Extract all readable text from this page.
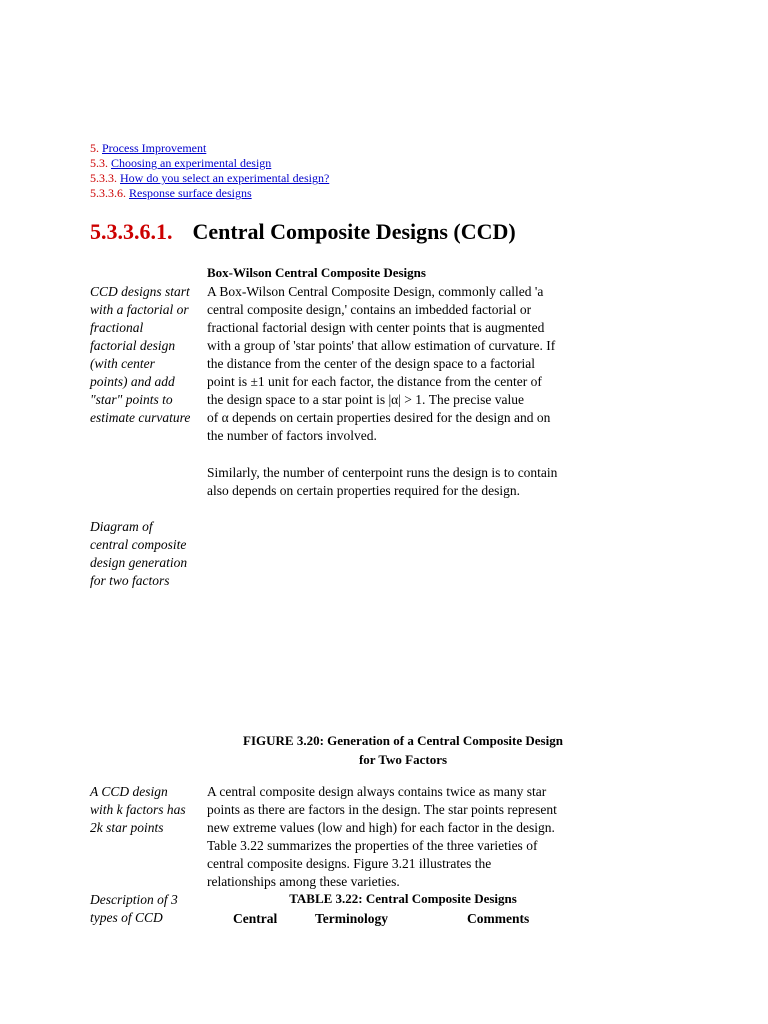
5. Process Improvement
5.3. Choosing an experimental design
5.3.3. How do you select an experimental design?
5.3.3.6. Response surface designs
5.3.3.6.1. Central Composite Designs (CCD)
Box-Wilson Central Composite Designs
CCD designs start
with a factorial or
fractional
factorial design
(with center
points) and add
"star" points to
estimate curvature
A Box-Wilson Central Composite Design, commonly called 'a
central composite design,' contains an imbedded factorial or
fractional factorial design with center points that is augmented
with a group of 'star points' that allow estimation of curvature. If
the distance from the center of the design space to a factorial
point is ±1 unit for each factor, the distance from the center of
the design space to a star point is |α| > 1. The precise value
of α depends on certain properties desired for the design and on
the number of factors involved.
Similarly, the number of centerpoint runs the design is to contain
also depends on certain properties required for the design.
Diagram of
central composite
design generation
for two factors
FIGURE 3.20: Generation of a Central Composite Design
for Two Factors
A CCD design
with k factors has
2k star points
A central composite design always contains twice as many star
points as there are factors in the design. The star points represent
new extreme values (low and high) for each factor in the design.
Table 3.22 summarizes the properties of the three varieties of
central composite designs. Figure 3.21 illustrates the
relationships among these varieties.
Description of 3
types of CCD
TABLE 3.22: Central Composite Designs
Central	Terminology	Comments
